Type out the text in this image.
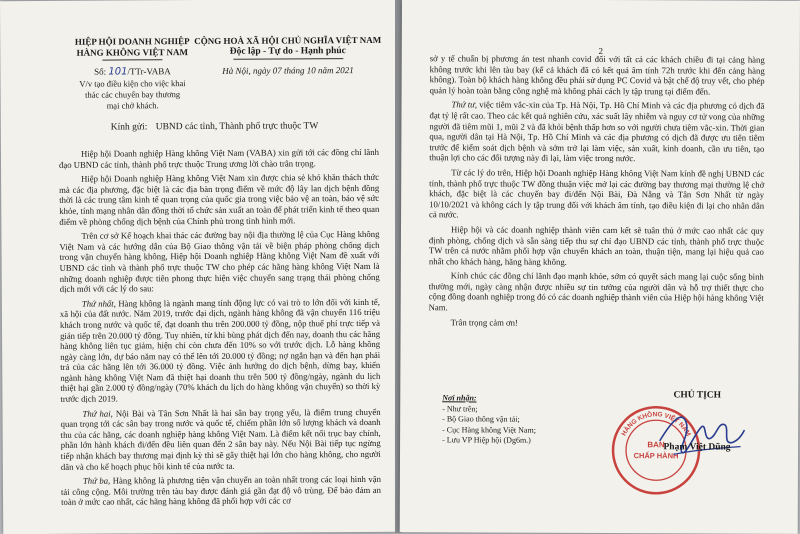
HIỆP HỘI DOANH NGHIỆP
HÀNG KHÔNG VIỆT NAM
Số: 101/TTr-VABA
V/v tạo điều kiện cho việc khai
thác các chuyến bay thương
mại chở khách.
CỘNG HOÀ XÃ HỘI CHỦ NGHĨA VIỆT NAM
Độc lập - Tự do - Hạnh phúc
Hà Nội, ngày 07 tháng 10 năm 2021
Kính gửi: UBND các tỉnh, Thành phố trực thuộc TW

Hiệp hội Doanh nghiệp Hàng không Việt Nam (VABA) xin gửi tới các đồng chí lãnh đạo UBND các tỉnh, thành phố trực thuộc Trung ương lời chào trân trọng.

Hiệp hội Doanh nghiệp Hàng không Việt Nam xin được chia sẻ khó khăn thách thức mà các địa phương, đặc biệt là các địa bàn trọng điểm về mức độ lây lan dịch bệnh đồng thời là các trung tâm kinh tế quan trọng của quốc gia trong việc bảo vệ an toàn, bảo vệ sức khỏe, tính mạng nhân dân đồng thời tổ chức sản xuất an toàn để phát triển kinh tế theo quan điểm về phòng chống dịch bệnh của Chính phủ trong tình hình mới.

Trên cơ sở Kế hoạch khai thác các đường bay nội địa thường lệ của Cục Hàng không Việt Nam và các hướng dẫn của Bộ Giao thông vận tải về biện pháp phòng chống dịch trong vận chuyển hàng không, Hiệp hội Doanh nghiệp Hàng không Việt Nam đề xuất với UBND các tỉnh và thành phố trực thuộc TW cho phép các hãng hàng không Việt Nam là những doanh nghiệp được tiên phong thực hiện việc chuyển sang trạng thái phòng chống dịch mới với các lý do sau:

Thứ nhất, Hàng không là ngành mang tính động lực có vai trò to lớn đối với kinh tế, xã hội của đất nước. Năm 2019, trước đại dịch, ngành hàng không đã vận chuyển 116 triệu khách trong nước và quốc tế, đạt doanh thu trên 200.000 tỷ đồng, nộp thuế phí trực tiếp và gián tiếp trên 20.000 tỷ đồng. Tuy nhiên, từ khi bùng phát dịch đến nay, doanh thu các hãng hàng không liên tục giảm, hiện chỉ còn chưa đến 10% so với trước dịch. Lỗ hàng không ngày càng lớn, dự báo năm nay có thể lên tới 20.000 tỷ đồng; nợ ngắn hạn và đến hạn phải trả của các hãng lên tới 36.000 tỷ đồng. Việc ảnh hưởng do dịch bệnh, dừng bay, khiến ngành hàng không Việt Nam đã thiệt hại doanh thu trên 500 tỷ đồng/ngày, ngành du lịch thiệt hại gần 2.000 tỷ đồng/ngày (70% khách du lịch do hàng không vận chuyển) so thời kỳ trước dịch 2019.

Thứ hai, Nội Bài và Tân Sơn Nhất là hai sân bay trọng yếu, là điểm trung chuyển quan trọng tới các sân bay trong nước và quốc tế, chiếm phần lớn số lượng khách và doanh thu của các hãng, các doanh nghiệp hàng không Việt Nam. Là điểm kết nối trục bay chính, phần lớn hành khách đi/đến đều liên quan đến 2 sân bay này. Nếu Nội Bài tiếp tục ngừng tiếp nhận khách bay thương mại định kỳ thì sẽ gây thiệt hại lớn cho hàng không, cho người dân và cho kế hoạch phục hồi kinh tế của nước ta.

Thứ ba, Hàng không là phương tiện vận chuyển an toàn nhất trong các loại hình vận tải công cộng. Môi trường trên tàu bay được đánh giá gần đạt độ vô trùng. Để bảo đảm an toàn ở mức cao nhất, các hãng hàng không đã phối hợp với các cơ

2

sở y tế chuẩn bị phương án test nhanh covid đối với tất cả các khách chiều đi tại cảng hàng không trước khi lên tàu bay (kể cả khách đã có kết quả âm tính 72h trước khi đến cảng hàng không). Toàn bộ khách hàng không đều phải sử dụng PC Covid và bật chế độ truy vết, cho phép quản lý hoàn toàn bằng công nghệ mà không phải cách ly tập trung tại điểm đến.

Thứ tư, việc tiêm vắc-xin của Tp. Hà Nội, Tp. Hồ Chí Minh và các địa phương có dịch đã đạt tỷ lệ rất cao. Theo các kết quả nghiên cứu, xác suất lây nhiễm và nguy cơ tử vong của những người đã tiêm mũi 1, mũi 2 và đã khỏi bệnh thấp hơn so với người chưa tiêm vắc-xin. Thời gian qua, người dân tại Hà Nội, Tp. Hồ Chí Minh và các địa phương có dịch đã được ưu tiên tiêm trước để kiểm soát dịch bệnh và sớm trở lại làm việc, sản xuất, kinh doanh, cần ưu tiên, tạo thuận lợi cho các đối tượng này đi lại, làm việc trong nước.

Từ các lý do trên, Hiệp hội Doanh nghiệp Hàng không Việt Nam kính đề nghị UBND các tỉnh, thành phố trực thuộc TW đồng thuận việc mở lại các đường bay thương mại thường lệ chở khách, đặc biệt là các chuyến bay đi/đến Nội Bài, Đà Nẵng và Tân Sơn Nhất từ ngày 10/10/2021 và không cách ly tập trung đối với khách âm tính, tạo điều kiện đi lại cho nhân dân cả nước.

Hiệp hội và các doanh nghiệp thành viên cam kết sẽ tuân thủ ở mức cao nhất các quy định phòng, chống dịch và sẵn sàng tiếp thu sự chỉ đạo UBND các tỉnh, thành phố trực thuộc TW trên cả nước nhằm phối hợp vận chuyển khách an toàn, thuận tiện, mang lại hiệu quả cao nhất cho khách hàng, hãng hàng không.

Kính chúc các đồng chí lãnh đạo mạnh khỏe, sớm có quyết sách mang lại cuộc sống bình thường mới, ngày càng nhận được nhiều sự tin tưởng của người dân và hỗ trợ thiết thực cho cộng đồng doanh nghiệp trong đó có các doanh nghiệp thành viên của Hiệp hội hàng không Việt Nam.

Trân trọng cảm ơn!

Nơi nhận:
- Như trên;
- Bộ Giao thông vận tải;
- Cục Hàng không Việt Nam;
- Lưu VP Hiệp hội (Dg6m.)
HÀNG KHÔNG VIỆT NAM
BAN
CHẤP HÀNH
CHỦ TỊCH
Phạm Việt Dũng
